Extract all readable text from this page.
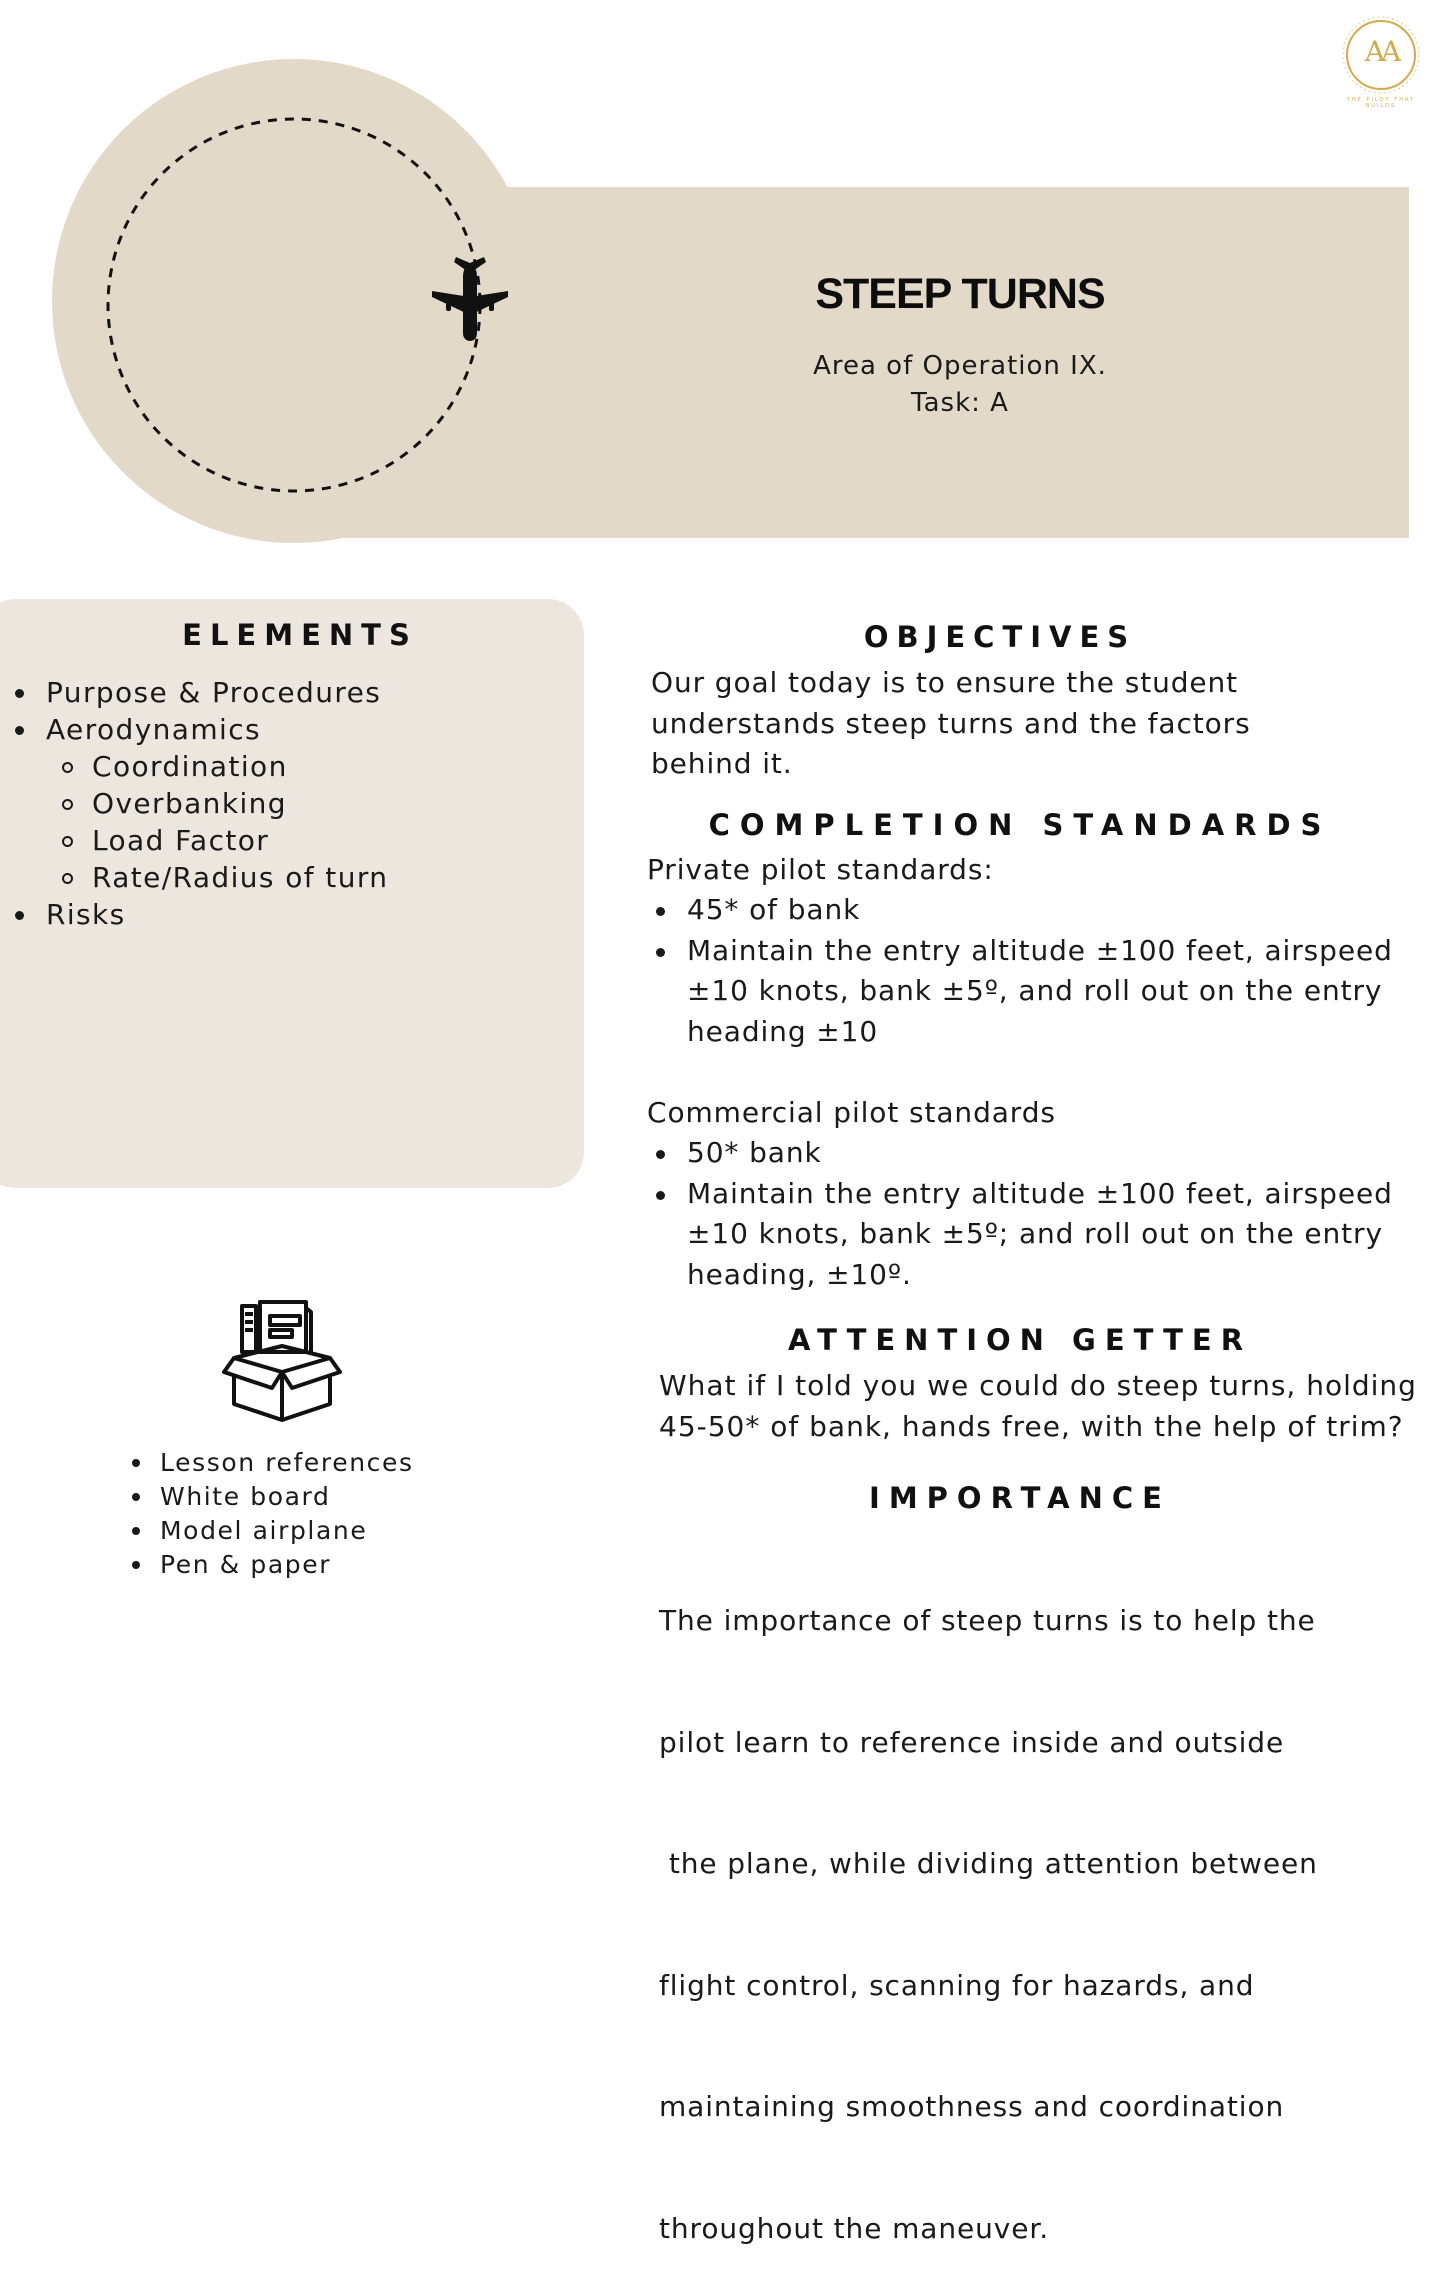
AA
THE PILOT THAT BUILDS
STEEP TURNS
Area of Operation IX.
Task: A
ELEMENTS
Purpose & Procedures
Aerodynamics
Coordination
Overbanking
Load Factor
Rate/Radius of turn
Risks
Lesson references
White board
Model airplane
Pen & paper
OBJECTIVES
Our goal today is to ensure the student
understands steep turns and the factors
behind it.
COMPLETION STANDARDS
Private pilot standards:
45* of bank
Maintain the entry altitude ±100 feet, airspeed
±10 knots, bank ±5º, and roll out on the entry
heading ±10
Commercial pilot standards
50* bank
Maintain the entry altitude ±100 feet, airspeed
±10 knots, bank ±5º; and roll out on the entry
heading, ±10º.
ATTENTION GETTER
What if I told you we could do steep turns, holding
45-50* of bank, hands free, with the help of trim?
IMPORTANCE

The importance of steep turns is to help the

pilot learn to reference inside and outside

the plane, while dividing attention between

flight control, scanning for hazards, and

maintaining smoothness and coordination

throughout the maneuver.
